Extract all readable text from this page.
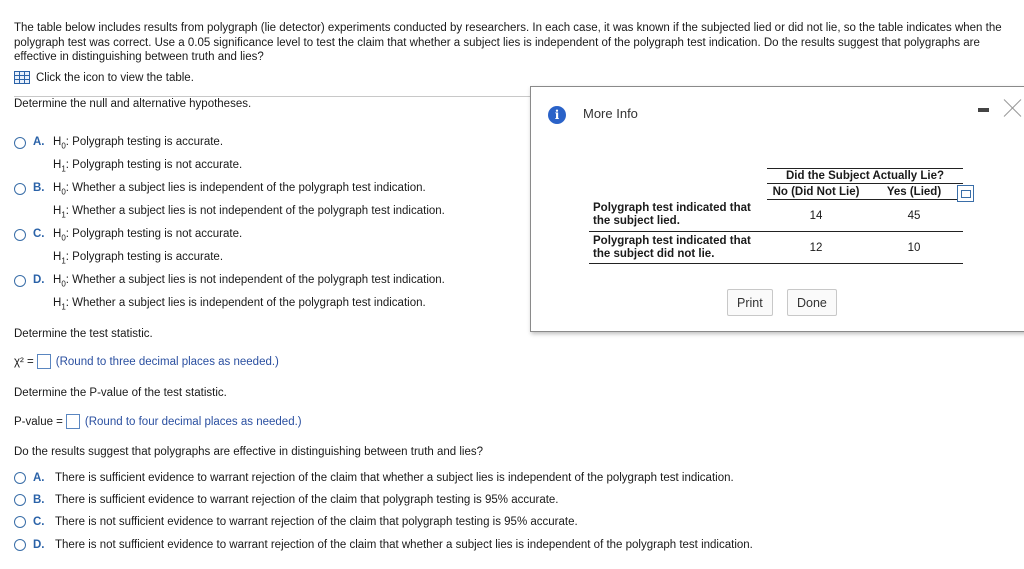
The table below includes results from polygraph (lie detector) experiments conducted by researchers. In each case, it was known if the subjected lied or did not lie, so the table indicates when the polygraph test was correct. Use a 0.05 significance level to test the claim that whether a subject lies is independent of the polygraph test indication. Do the results suggest that polygraphs are effective in distinguishing between truth and lies?
Click the icon to view the table.
Determine the null and alternative hypotheses.
A. $H_0$: Polygraph testing is accurate.
$H_1$: Polygraph testing is not accurate.
B. $H_0$: Whether a subject lies is independent of the polygraph test indication.
$H_1$: Whether a subject lies is not independent of the polygraph test indication.
C. $H_0$: Polygraph testing is not accurate.
$H_1$: Polygraph testing is accurate.
D. $H_0$: Whether a subject lies is not independent of the polygraph test indication.
$H_1$: Whether a subject lies is independent of the polygraph test indication.
Determine the test statistic.
χ² = (Round to three decimal places as needed.)
Determine the P-value of the test statistic.
P-value = (Round to four decimal places as needed.)
Do the results suggest that polygraphs are effective in distinguishing between truth and lies?
A. There is sufficient evidence to warrant rejection of the claim that whether a subject lies is independent of the polygraph test indication.
B. There is sufficient evidence to warrant rejection of the claim that polygraph testing is 95% accurate.
C. There is not sufficient evidence to warrant rejection of the claim that polygraph testing is 95% accurate.
D. There is not sufficient evidence to warrant rejection of the claim that whether a subject lies is independent of the polygraph test indication.
i	More Info
	Did the Subject Actually Lie?	
	No (Did Not Lie)	Yes (Lied)
Polygraph test indicated that the subject lied.	14	45
Polygraph test indicated that the subject did not lie.	12	10
Print	Done
